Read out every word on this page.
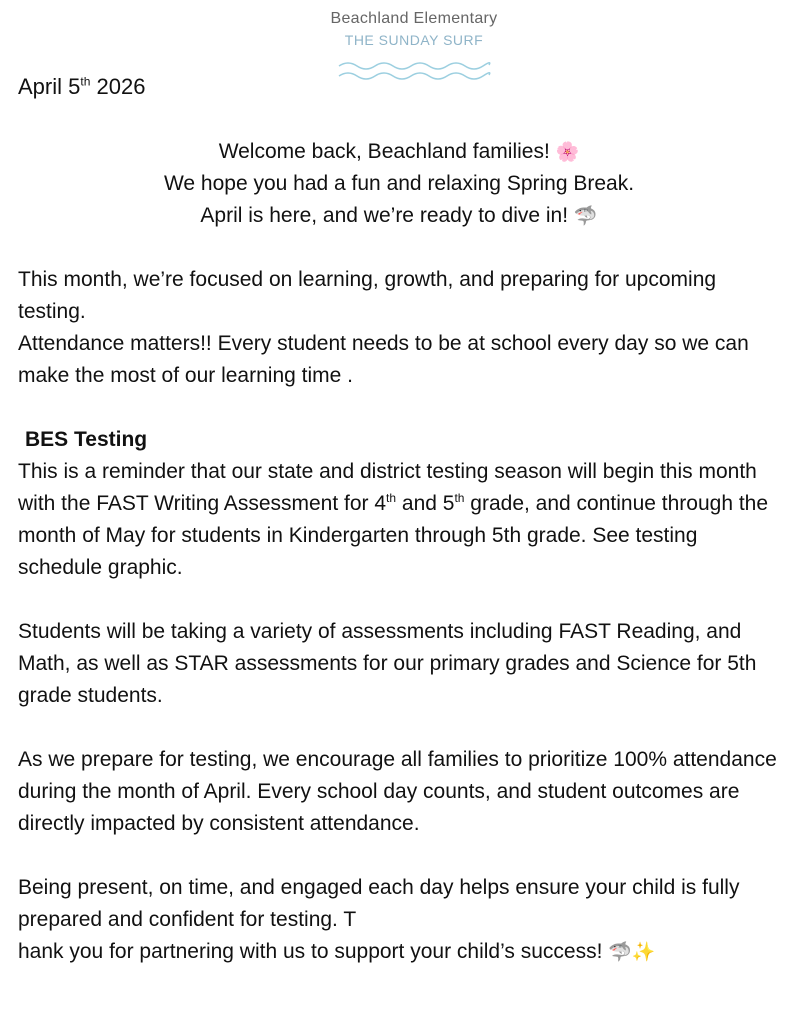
Beachland Elementary
THE SUNDAY SURF
April 5th 2026

Welcome back, Beachland families! 🌸

We hope you had a fun and relaxing Spring Break.

April is here, and we’re ready to dive in! 🦈

This month, we’re focused on learning, growth, and preparing for upcoming testing.

Attendance matters!! Every student needs to be at school every day so we can make the most of our learning time .

BES Testing

This is a reminder that our state and district testing season will begin this month with the FAST Writing Assessment for 4th and 5th grade, and continue through the month of May for students in Kindergarten through 5th grade. See testing schedule graphic.

Students will be taking a variety of assessments including FAST Reading, and Math, as well as STAR assessments for our primary grades and Science for 5th grade students.

As we prepare for testing, we encourage all families to prioritize 100% attendance during the month of April. Every school day counts, and student outcomes are directly impacted by consistent attendance.

Being present, on time, and engaged each day helps ensure your child is fully prepared and confident for testing. T

hank you for partnering with us to support your child’s success! 🦈✨
